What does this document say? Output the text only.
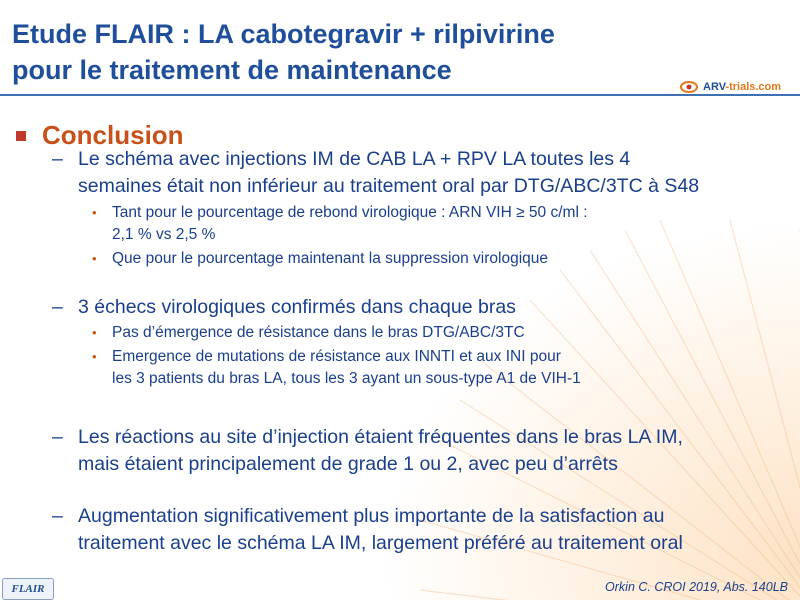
Etude FLAIR : LA cabotegravir + rilpivirine
pour le traitement de maintenance
ARV-trials.com
Conclusion
– Le schéma avec injections IM de CAB LA + RPV LA toutes les 4
semaines était non inférieur au traitement oral par DTG/ABC/3TC à S48
• Tant pour le pourcentage de rebond virologique : ARN VIH ≥ 50 c/ml :
2,1 % vs 2,5 %
• Que pour le pourcentage maintenant la suppression virologique
– 3 échecs virologiques confirmés dans chaque bras
• Pas d’émergence de résistance dans le bras DTG/ABC/3TC
• Emergence de mutations de résistance aux INNTI et aux INI pour
les 3 patients du bras LA, tous les 3 ayant un sous-type A1 de VIH-1
– Les réactions au site d’injection étaient fréquentes dans le bras LA IM,
mais étaient principalement de grade 1 ou 2, avec peu d’arrêts
– Augmentation significativement plus importante de la satisfaction au
traitement avec le schéma LA IM, largement préféré au traitement oral
FLAIR	Orkin C. CROI 2019, Abs. 140LB
